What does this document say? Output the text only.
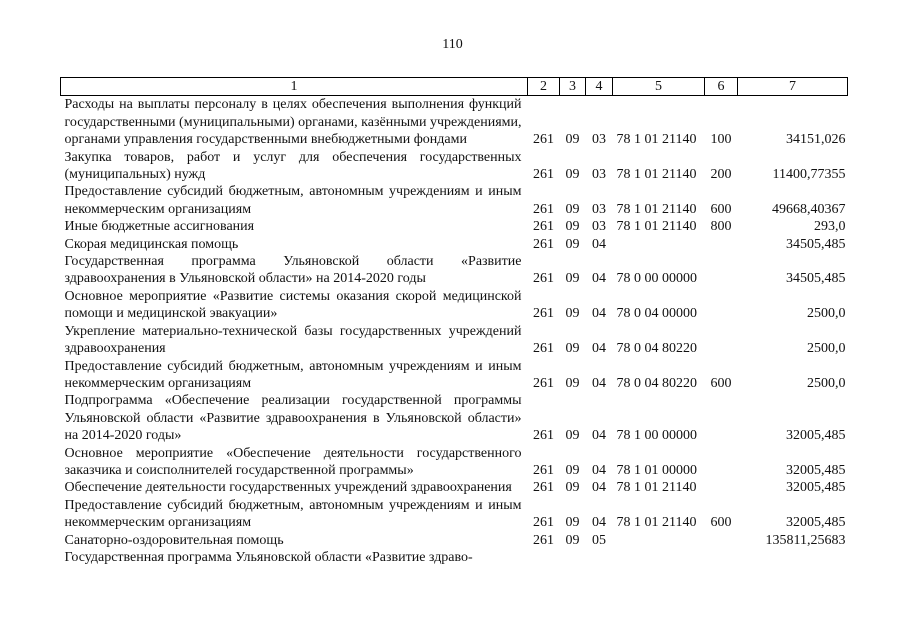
110
1	2	3	4	5	6	7
Расходы на выплаты персоналу в целях обеспечения выполнения функций государственными (муниципальными) органами, казёнными учреждениями, органами управления государственными внебюджетными фондами	261	09	03	78 1 01 21140	100	34151,026
Закупка товаров, работ и услуг для обеспечения государственных (муниципальных) нужд	261	09	03	78 1 01 21140	200	11400,77355
Предоставление субсидий бюджетным, автономным учреждениям и иным некоммерческим организациям	261	09	03	78 1 01 21140	600	49668,40367
Иные бюджетные ассигнования	261	09	03	78 1 01 21140	800	293,0
Скорая медицинская помощь	261	09	04			34505,485
Государственная программа Ульяновской области «Развитие здравоохранения в Ульяновской области» на 2014-2020 годы	261	09	04	78 0 00 00000		34505,485
Основное мероприятие «Развитие системы оказания скорой медицинской помощи и медицинской эвакуации»	261	09	04	78 0 04 00000		2500,0
Укрепление материально-технической базы государственных учреждений здравоохранения	261	09	04	78 0 04 80220		2500,0
Предоставление субсидий бюджетным, автономным учреждениям и иным некоммерческим организациям	261	09	04	78 0 04 80220	600	2500,0
Подпрограмма «Обеспечение реализации государственной программы Ульяновской области «Развитие здравоохранения в Ульяновской области» на 2014-2020 годы»	261	09	04	78 1 00 00000		32005,485
Основное мероприятие «Обеспечение деятельности государственного заказчика и соисполнителей государственной программы»	261	09	04	78 1 01 00000		32005,485
Обеспечение деятельности государственных учреждений здравоохранения	261	09	04	78 1 01 21140		32005,485
Предоставление субсидий бюджетным, автономным учреждениям и иным некоммерческим организациям	261	09	04	78 1 01 21140	600	32005,485
Санаторно-оздоровительная помощь	261	09	05			135811,25683
Государственная программа Ульяновской области «Развитие здраво-						
